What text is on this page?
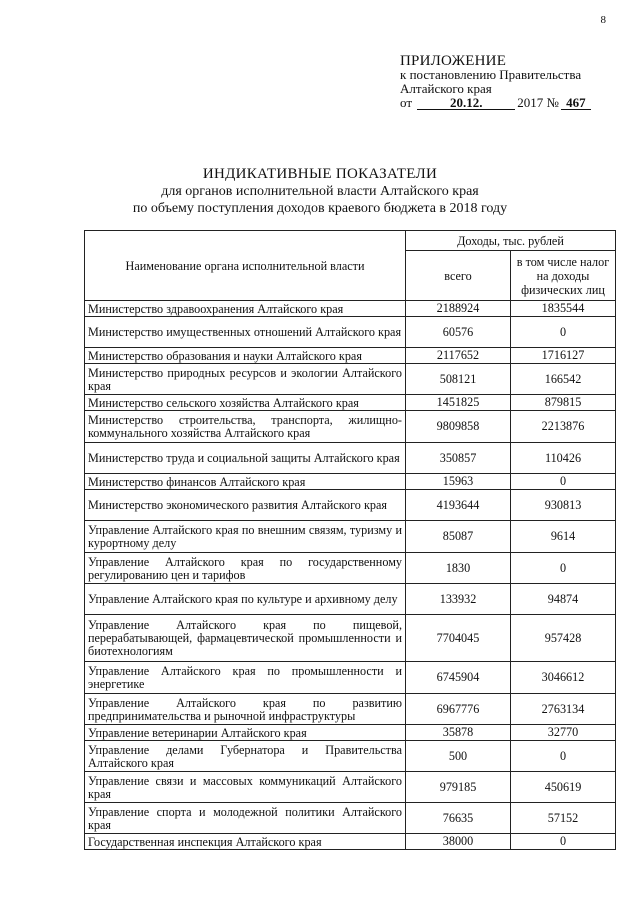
8
ПРИЛОЖЕНИЕ
к постановлению Правительства
Алтайского края
от	20.12.	2017 № 467
ИНДИКАТИВНЫЕ ПОКАЗАТЕЛИ
для органов исполнительной власти Алтайского края
по объему поступления доходов краевого бюджета в 2018 году
Наименование органа исполнительной власти	Доходы, тыс. рублей	
	всего	в том числе налог на доходы физических лиц
Министерство здравоохранения Алтайского края	2188924	1835544
Министерство имущественных отношений Алтайского края	60576	0
Министерство образования и науки Алтайского края	2117652	1716127
Министерство природных ресурсов и экологии Алтайского края	508121	166542
Министерство сельского хозяйства Алтайского края	1451825	879815
Министерство строительства, транспорта, жилищно-коммунального хозяйства Алтайского края	9809858	2213876
Министерство труда и социальной защиты Алтайского края	350857	110426
Министерство финансов Алтайского края	15963	0
Министерство экономического развития Алтайского края	4193644	930813
Управление Алтайского края по внешним связям, туризму и курортному делу	85087	9614
Управление Алтайского края по государственному регулированию цен и тарифов	1830	0
Управление Алтайского края по культуре и архивному делу	133932	94874
Управление Алтайского края по пищевой, перерабатывающей, фармацевтической промышленности и биотехнологиям	7704045	957428
Управление Алтайского края по промышленности и энергетике	6745904	3046612
Управление Алтайского края по развитию предпринимательства и рыночной инфраструктуры	6967776	2763134
Управление ветеринарии Алтайского края	35878	32770
Управление делами Губернатора и Правительства Алтайского края	500	0
Управление связи и массовых коммуникаций Алтайского края	979185	450619
Управление спорта и молодежной политики Алтайского края	76635	57152
Государственная инспекция Алтайского края	38000	0
